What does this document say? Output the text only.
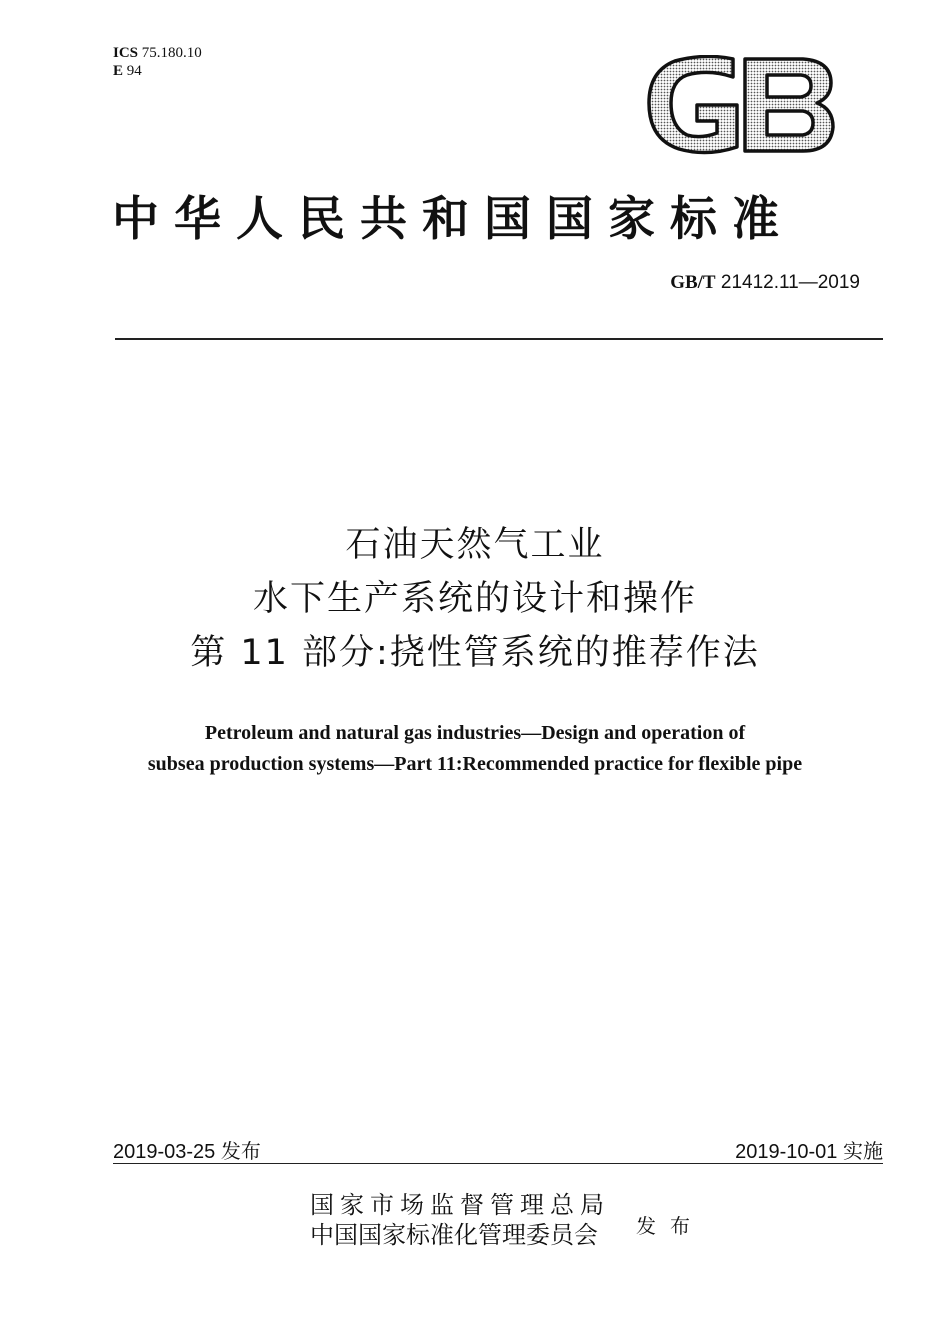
ICS 75.180.10
E 94
中华人民共和国国家标准
GB/T 21412.11—2019
石油天然气工业
水下生产系统的设计和操作
第 11 部分:挠性管系统的推荐作法
Petroleum and natural gas industries—Design and operation of
subsea production systems—Part 11:Recommended practice for flexible pipe
2019-03-25 发布	2019-10-01 实施
国家市场监督管理总局
中国国家标准化管理委员会	发布
